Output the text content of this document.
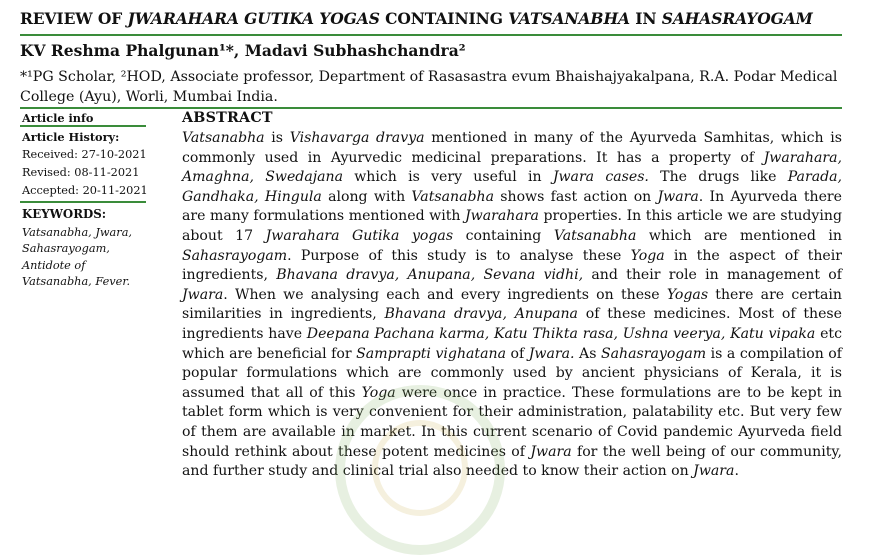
REVIEW OF JWARAHARA GUTIKA YOGAS CONTAINING VATSANABHA IN SAHASRAYOGAM
KV Reshma Phalgunan¹*, Madavi Subhashchandra²
*¹PG Scholar, ²HOD, Associate professor, Department of Rasasastra evum Bhaishajyakalpana, R.A. Podar Medical College (Ayu), Worli, Mumbai India.
Article info
Article History:
Received: 27-10-2021
Revised: 08-11-2021
Accepted: 20-11-2021
KEYWORDS:
Vatsanabha, Jwara, Sahasrayogam, Antidote of Vatsanabha, Fever.
ABSTRACT

Vatsanabha is Vishavarga dravya mentioned in many of the Ayurveda Samhitas, which is commonly used in Ayurvedic medicinal preparations. It has a property of Jwarahara, Amaghna, Swedajana which is very useful in Jwara cases. The drugs like Parada, Gandhaka, Hingula along with Vatsanabha shows fast action on Jwara. In Ayurveda there are many formulations mentioned with Jwarahara properties. In this article we are studying about 17 Jwarahara Gutika yogas containing Vatsanabha which are mentioned in Sahasrayogam. Purpose of this study is to analyse these Yoga in the aspect of their ingredients, Bhavana dravya, Anupana, Sevana vidhi, and their role in management of Jwara. When we analysing each and every ingredients on these Yogas there are certain similarities in ingredients, Bhavana dravya, Anupana of these medicines. Most of these ingredients have Deepana Pachana karma, Katu Thikta rasa, Ushna veerya, Katu vipaka etc which are beneficial for Samprapti vighatana of Jwara. As Sahasrayogam is a compilation of popular formulations which are commonly used by ancient physicians of Kerala, it is assumed that all of this Yoga were once in practice. These formulations are to be kept in tablet form which is very convenient for their administration, palatability etc. But very few of them are available in market. In this current scenario of Covid pandemic Ayurveda field should rethink about these potent medicines of Jwara for the well being of our community, and further study and clinical trial also needed to know their action on Jwara.
